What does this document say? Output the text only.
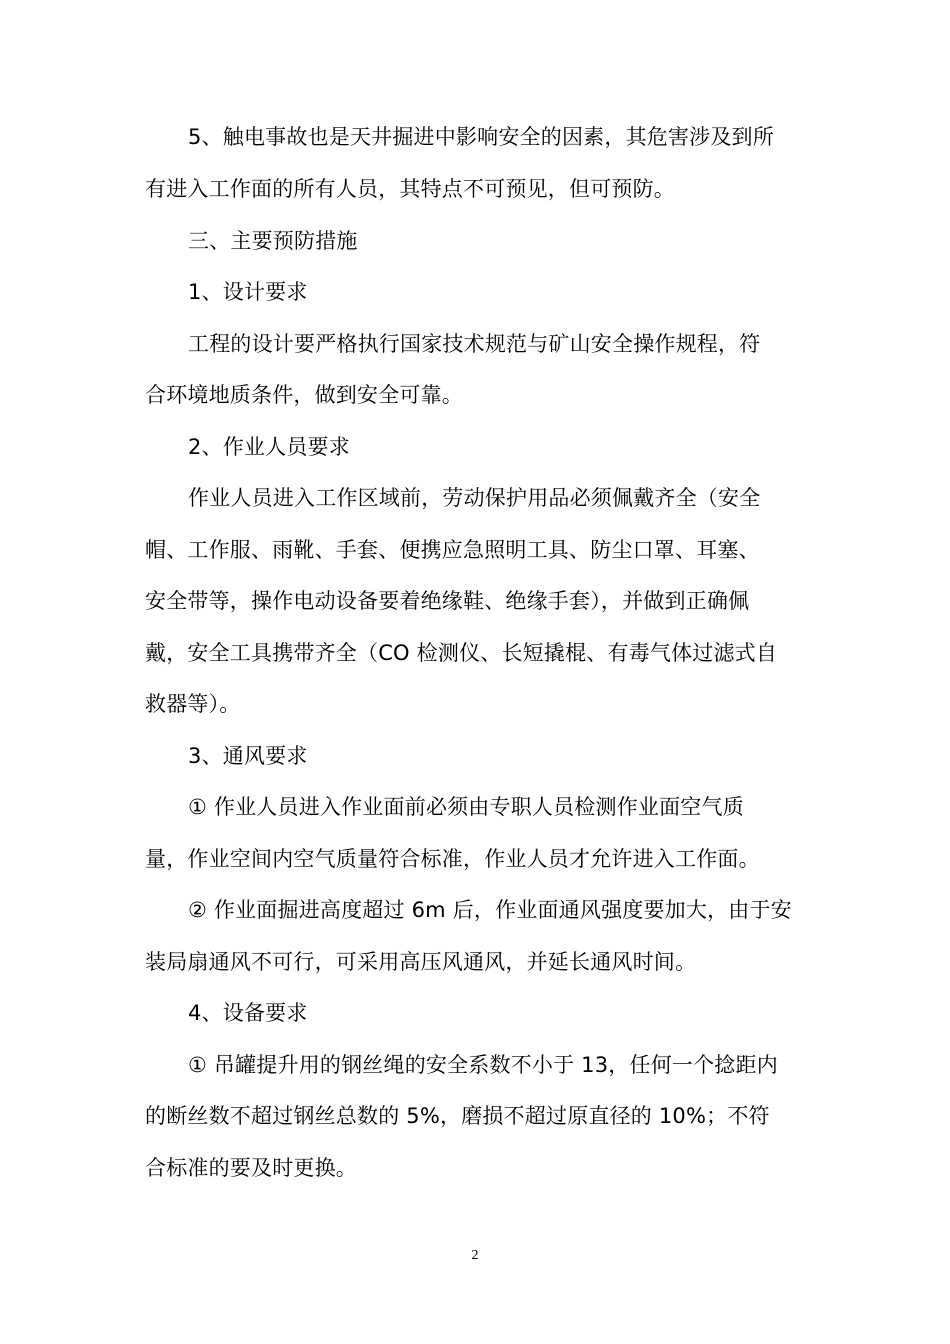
5、触电事故也是天井掘进中影响安全的因素，其危害涉及到所
有进入工作面的所有人员，其特点不可预见，但可预防。
三、主要预防措施
1、设计要求
工程的设计要严格执行国家技术规范与矿山安全操作规程，符
合环境地质条件，做到安全可靠。
2、作业人员要求
作业人员进入工作区域前，劳动保护用品必须佩戴齐全（安全
帽、工作服、雨靴、手套、便携应急照明工具、防尘口罩、耳塞、
安全带等，操作电动设备要着绝缘鞋、绝缘手套），并做到正确佩
戴，安全工具携带齐全（CO 检测仪、长短撬棍、有毒气体过滤式自
救器等）。
3、通风要求
① 作业人员进入作业面前必须由专职人员检测作业面空气质
量，作业空间内空气质量符合标准，作业人员才允许进入工作面。
② 作业面掘进高度超过 6m 后，作业面通风强度要加大，由于安
装局扇通风不可行，可采用高压风通风，并延长通风时间。
4、设备要求
① 吊罐提升用的钢丝绳的安全系数不小于 13，任何一个捻距内
的断丝数不超过钢丝总数的 5%，磨损不超过原直径的 10%；不符
合标准的要及时更换。
2
